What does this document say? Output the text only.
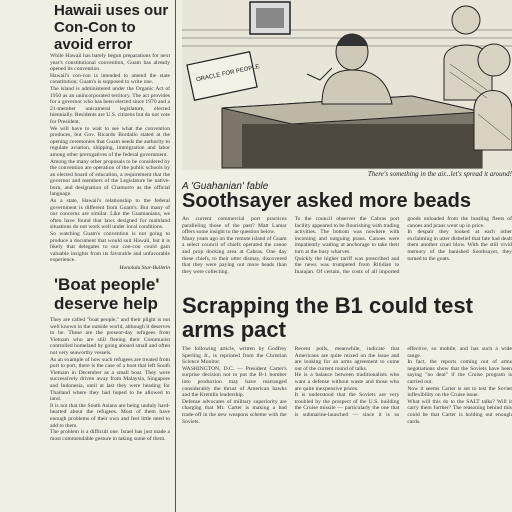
Hawaii uses our Con-Con to avoid error

While Hawaii has barely begun preparations for next year's constitutional convention, Guam has already opened its convention.

Hawaii's con-con is intended to amend the state constitution; Guam's is supposed to write one.

The island is administered under the Organic Act of 1950 as an unincorporated territory. The act provides for a governor who has been elected since 1970 and a 21-member unicameral legislature, elected biennially. Residents are U.S. citizens but do not vote for President.

We will have to wait to see what the convention produces, but Gov. Ricardo Bordallo stated at the opening ceremonies that Guam needs the authority to regulate aviation, shipping, immigration and labor among other prerogatives of the federal government.

Among the many other proposals to be considered by the convention are operation of the public schools by an elected board of education, a requirement that the governor and members of the Legislature be native-born, and designation of Chamorro as the official language.

As a state, Hawaii's relationship to the federal government is different from Guam's. But many of our concerns are similar. Like the Guamanians, we often have found that laws designed for mainland situations do not work well under local conditions.

So watching Guam's convention is not going to produce a document that would suit Hawaii, but it is likely that delegates to our con-con could gain valuable insights from its favorable and unfavorable experience.

Honolulu Star-Bulletin
'Boat people' deserve help

They are called "boat people," and their plight is not well known in the outside world, although it deserves to be. These are the present-day refugees from Vietnam who are still fleeing their Communist controlled homeland by going aboard small and often not very seaworthy vessels.

As an example of how such refugees are treated from port to port, there is the case of a boat that left South Vietnam in December as a small boat. They were successively driven away from Malaysia, Singapore and Indonesia, until at last they were heading for Thailand where they had hoped to be allowed to land.

It is not that the South Asians are being unduly hard-hearted about the refugees. Most of them have enough problems of their own and feel little need to add to them.

The problem is a difficult one. Israel has just made a most commendable gesture in taking some of them.

ORACLE FOR PEOPLE
There's something in the air...let's spread it around!
A 'Guahanian' fable
Soothsayer asked more beads

An current commercial port practices paralleling those of the past? Matt Lamar offers some insight to the question below.

Many years ago on the remote island of Guam a select council of chiefs operated the canoe and prop docking area at Cabras. One day these chiefs, to their utter dismay, discovered that they were paying out more beads than they were collecting.

To the council observer the Cabras port facility appeared to be flourishing with trading activities. The bottom was nowhere with incoming and outgoing praus. Canoes were impatiently waiting at anchorage to take their turn at the busy wharves.

Quickly the higher tariff was prescribed and the news was trumpeted from Ritidian to Inarajan. Of certain, the costs of all imported goods unloaded from the bustling fleets of canoes and praus went up in price.

In despair they looked at each other exclaiming in utter disbelief that fate had dealt them another cruel blow. With the still vivid memory of the banished Soothsayer, they turned to the goats.

Scrapping the B1 could test arms pact

The following article, written by Godfrey Sperling Jr., is reprinted from the Christian Science Monitor.

WASHINGTON, D.C. — President Carter's surprise decision not to put the B-1 bomber into production may have rearranged considerably the thrust of American hawks and the Kremlin leadership.

Defense advocates of military superiority are charging that Mr. Carter is making a bad trade-off in the new weapons scheme with the Soviets.

Recent polls, meanwhile, indicate that Americans are quite mixed on the issue and are looking for an arms agreement to come out of the current round of talks.

He is a balance between traditionalists who want a defense without waste and those who are quite inexpensive prices.

It is understood that the Soviets are very troubled by the prospect of the U.S. building the Cruise missile — particularly the one that is submarine-launched — since it is so effective, so mobile, and has such a wide range.

In fact, the reports coming out of arms negotiations show that the Soviets have been saying "no deal" if the Cruise program is carried out.

Now it seems Carter is set to test the Soviet inflexibility on the Cruise issue.

What will this do to the SALT talks? Will it carry them further? The reasoning behind this could be that Carter is holding out enough cards.
